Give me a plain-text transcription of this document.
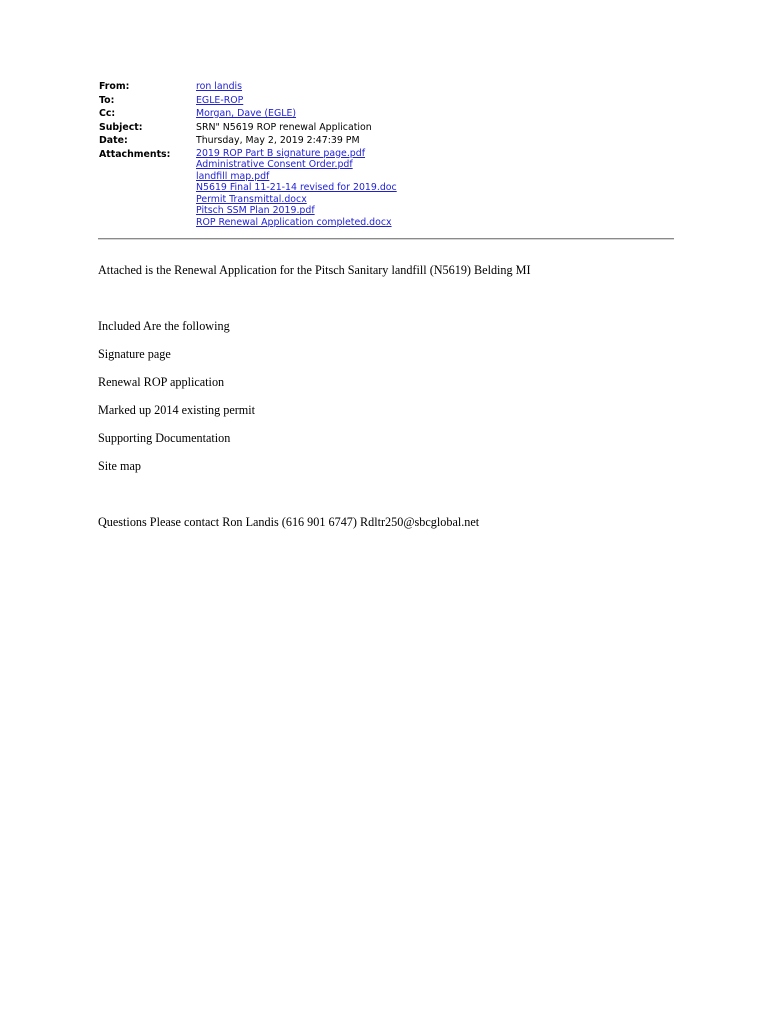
From:	ron landis
To:	EGLE-ROP
Cc:	Morgan, Dave (EGLE)
Subject:	SRN" N5619 ROP renewal Application
Date:	Thursday, May 2, 2019 2:47:39 PM
Attachments:	2019 ROP Part B signature page.pdf
Administrative Consent Order.pdf
landfill map.pdf
N5619 Final 11-21-14 revised for 2019.doc
Permit Transmittal.docx
Pitsch SSM Plan 2019.pdf
ROP Renewal Application completed.docx
Attached is the Renewal Application for the Pitsch Sanitary landfill (N5619) Belding MI
Included Are the following
Signature page
Renewal ROP application
Marked up 2014 existing permit
Supporting Documentation
Site map
Questions Please contact Ron Landis (616 901 6747) Rdltr250@sbcglobal.net
